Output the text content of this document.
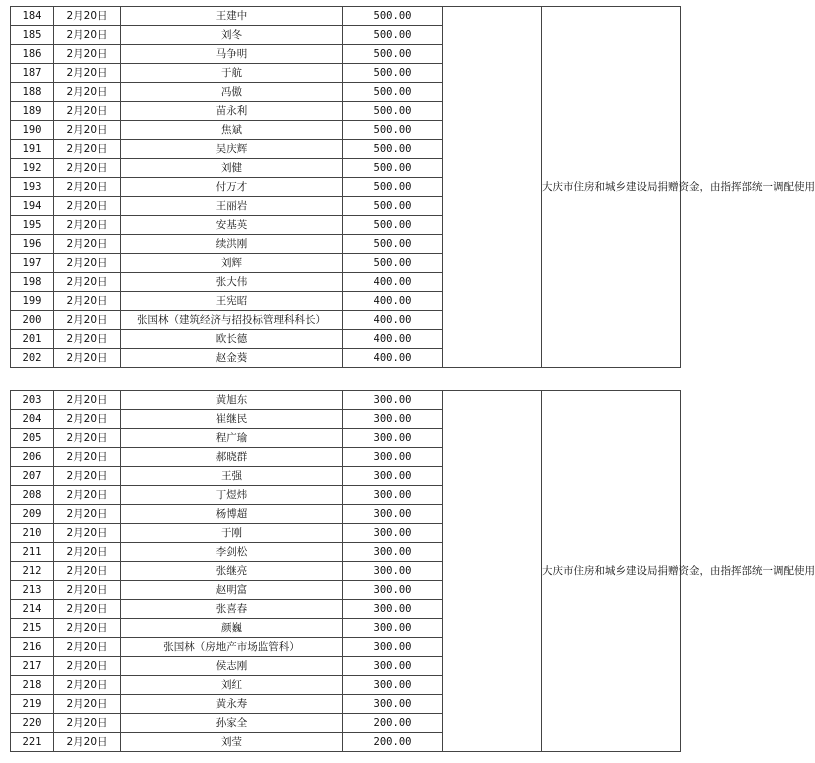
184	2月20日	王建中	500.00		大庆市住房和城乡建设局捐赠资金，由指挥部统一调配使用
185	2月20日	刘冬	500.00		
186	2月20日	马争明	500.00		
187	2月20日	于航	500.00		
188	2月20日	冯傲	500.00		
189	2月20日	苗永利	500.00		
190	2月20日	焦斌	500.00		
191	2月20日	吴庆辉	500.00		
192	2月20日	刘健	500.00		
193	2月20日	付万才	500.00		
194	2月20日	王丽岩	500.00		
195	2月20日	安基英	500.00		
196	2月20日	续洪刚	500.00		
197	2月20日	刘辉	500.00		
198	2月20日	张大伟	400.00		
199	2月20日	王宪昭	400.00		
200	2月20日	张国林（建筑经济与招投标管理科科长）	400.00		
201	2月20日	欧长德	400.00		
202	2月20日	赵金葵	400.00		
203	2月20日	黄旭东	300.00		大庆市住房和城乡建设局捐赠资金，由指挥部统一调配使用
204	2月20日	崔继民	300.00		
205	2月20日	程广瑜	300.00		
206	2月20日	郝晓群	300.00		
207	2月20日	王强	300.00		
208	2月20日	丁煜炜	300.00		
209	2月20日	杨博超	300.00		
210	2月20日	于刚	300.00		
211	2月20日	李剑松	300.00		
212	2月20日	张继亮	300.00		
213	2月20日	赵明富	300.00		
214	2月20日	张喜春	300.00		
215	2月20日	颜巍	300.00		
216	2月20日	张国林（房地产市场监管科）	300.00		
217	2月20日	侯志刚	300.00		
218	2月20日	刘红	300.00		
219	2月20日	黄永寿	300.00		
220	2月20日	孙家全	200.00		
221	2月20日	刘莹	200.00		
